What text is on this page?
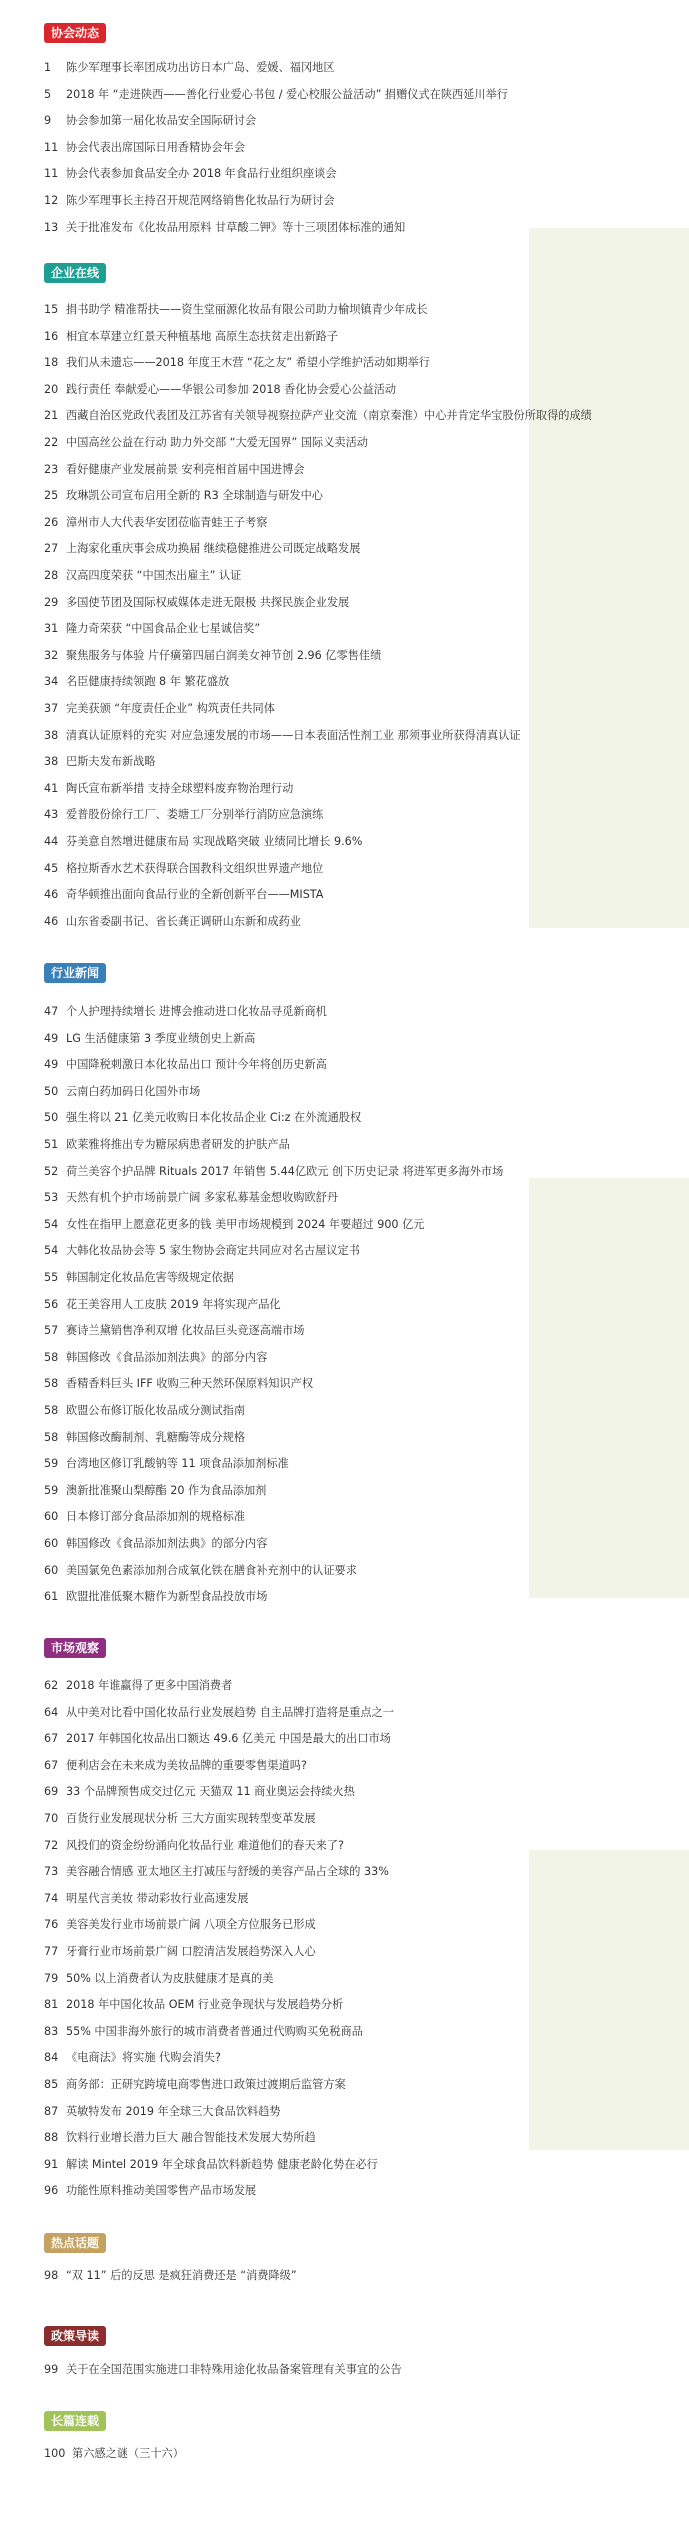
协会动态
1 陈少军理事长率团成功出访日本广岛、爱媛、福冈地区
5 2018 年 “走进陕西——善化行业爱心书包 / 爱心校服公益活动” 捐赠仪式在陕西延川举行
9 协会参加第一届化妆品安全国际研讨会
11 协会代表出席国际日用香精协会年会
11 协会代表参加食品安全办 2018 年食品行业组织座谈会
12 陈少军理事长主持召开规范网络销售化妆品行为研讨会
13 关于批准发布《化妆品用原料 甘草酸二钾》等十三项团体标准的通知
企业在线
15 捐书助学 精准帮扶——资生堂丽源化妆品有限公司助力榆坝镇青少年成长
16 相宜本草建立红景天种植基地 高原生态扶贫走出新路子
18 我们从未遗忘——2018 年度王木营 “花之友” 希望小学维护活动如期举行
20 践行责任 奉献爱心——华银公司参加 2018 香化协会爱心公益活动
21 西藏自治区党政代表团及江苏省有关领导视察拉萨产业交流（南京秦淮）中心并肯定华宝股份所取得的成绩
22 中国高丝公益在行动 助力外交部 “大爱无国界” 国际义卖活动
23 看好健康产业发展前景 安利亮相首届中国进博会
25 玫琳凯公司宣布启用全新的 R3 全球制造与研发中心
26 漳州市人大代表华安团莅临青蛙王子考察
27 上海家化重庆事会成功换届 继续稳健推进公司既定战略发展
28 汉高四度荣获 “中国杰出雇主” 认证
29 多国使节团及国际权威媒体走进无限极 共探民族企业发展
31 隆力奇荣获 “中国食品企业七星诚信奖”
32 聚焦服务与体验 片仔癀第四届白润美女神节创 2.96 亿零售佳绩
34 名臣健康持续领跑 8 年 繁花盛放
37 完美获颁 “年度责任企业” 构筑责任共同体
38 清真认证原料的充实 对应急速发展的市场——日本表面活性剂工业 那须事业所获得清真认证
38 巴斯夫发布新战略
41 陶氏宣布新举措 支持全球塑料废弃物治理行动
43 爱普股份徐行工厂、娄塘工厂分别举行消防应急演练
44 芬美意自然增进健康布局 实现战略突破 业绩同比增长 9.6%
45 格拉斯香水艺术获得联合国教科文组织世界遗产地位
46 奇华顿推出面向食品行业的全新创新平台——MISTA
46 山东省委副书记、省长龚正调研山东新和成药业
行业新闻
47 个人护理持续增长 进博会推动进口化妆品寻觅新商机
49 LG 生活健康第 3 季度业绩创史上新高
49 中国降税刺激日本化妆品出口 预计今年将创历史新高
50 云南白药加码日化国外市场
50 强生将以 21 亿美元收购日本化妆品企业 Ci:z 在外流通股权
51 欧莱雅将推出专为糖尿病患者研发的护肤产品
52 荷兰美容个护品牌 Rituals 2017 年销售 5.44亿欧元 创下历史记录 将进军更多海外市场
53 天然有机个护市场前景广阔 多家私募基金想收购欧舒丹
54 女性在指甲上愿意花更多的钱 美甲市场规模到 2024 年要超过 900 亿元
54 大韩化妆品协会等 5 家生物协会商定共同应对名古屋议定书
55 韩国制定化妆品危害等级规定依据
56 花王美容用人工皮肤 2019 年将实现产品化
57 赛诗兰黛销售净利双增 化妆品巨头竞逐高端市场
58 韩国修改《食品添加剂法典》的部分内容
58 香精香料巨头 IFF 收购三种天然环保原料知识产权
58 欧盟公布修订版化妆品成分测试指南
58 韩国修改酶制剂、乳糖酶等成分规格
59 台湾地区修订乳酸钠等 11 项食品添加剂标准
59 澳新批准聚山梨醇酯 20 作为食品添加剂
60 日本修订部分食品添加剂的规格标准
60 韩国修改《食品添加剂法典》的部分内容
60 美国氯免色素添加剂合成氧化铁在膳食补充剂中的认证要求
61 欧盟批准低聚木糖作为新型食品投放市场
市场观察
62 2018 年谁赢得了更多中国消费者
64 从中美对比看中国化妆品行业发展趋势 自主品牌打造将是重点之一
67 2017 年韩国化妆品出口额达 49.6 亿美元 中国是最大的出口市场
67 便利店会在未来成为美妆品牌的重要零售渠道吗?
69 33 个品牌预售成交过亿元 天猫双 11 商业奥运会持续火热
70 百货行业发展现状分析 三大方面实现转型变革发展
72 风投们的资金纷纷涌向化妆品行业 难道他们的春天来了?
73 美容融合情感 亚太地区主打减压与舒缓的美容产品占全球的 33%
74 明星代言美妆 带动彩妆行业高速发展
76 美容美发行业市场前景广阔 八项全方位服务已形成
77 牙膏行业市场前景广阔 口腔清洁发展趋势深入人心
79 50% 以上消费者认为皮肤健康才是真的美
81 2018 年中国化妆品 OEM 行业竞争现状与发展趋势分析
83 55% 中国非海外旅行的城市消费者普通过代购购买免税商品
84 《电商法》将实施 代购会消失?
85 商务部：正研究跨境电商零售进口政策过渡期后监管方案
87 英敏特发布 2019 年全球三大食品饮料趋势
88 饮料行业增长潜力巨大 融合智能技术发展大势所趋
91 解读 Mintel 2019 年全球食品饮料新趋势 健康老龄化势在必行
96 功能性原料推动美国零售产品市场发展
热点话题
98 “双 11” 后的反思 是疯狂消费还是 “消费降级”
政策导读
99 关于在全国范围实施进口非特殊用途化妆品备案管理有关事宜的公告
长篇连载
100 第六感之谜（三十六）
